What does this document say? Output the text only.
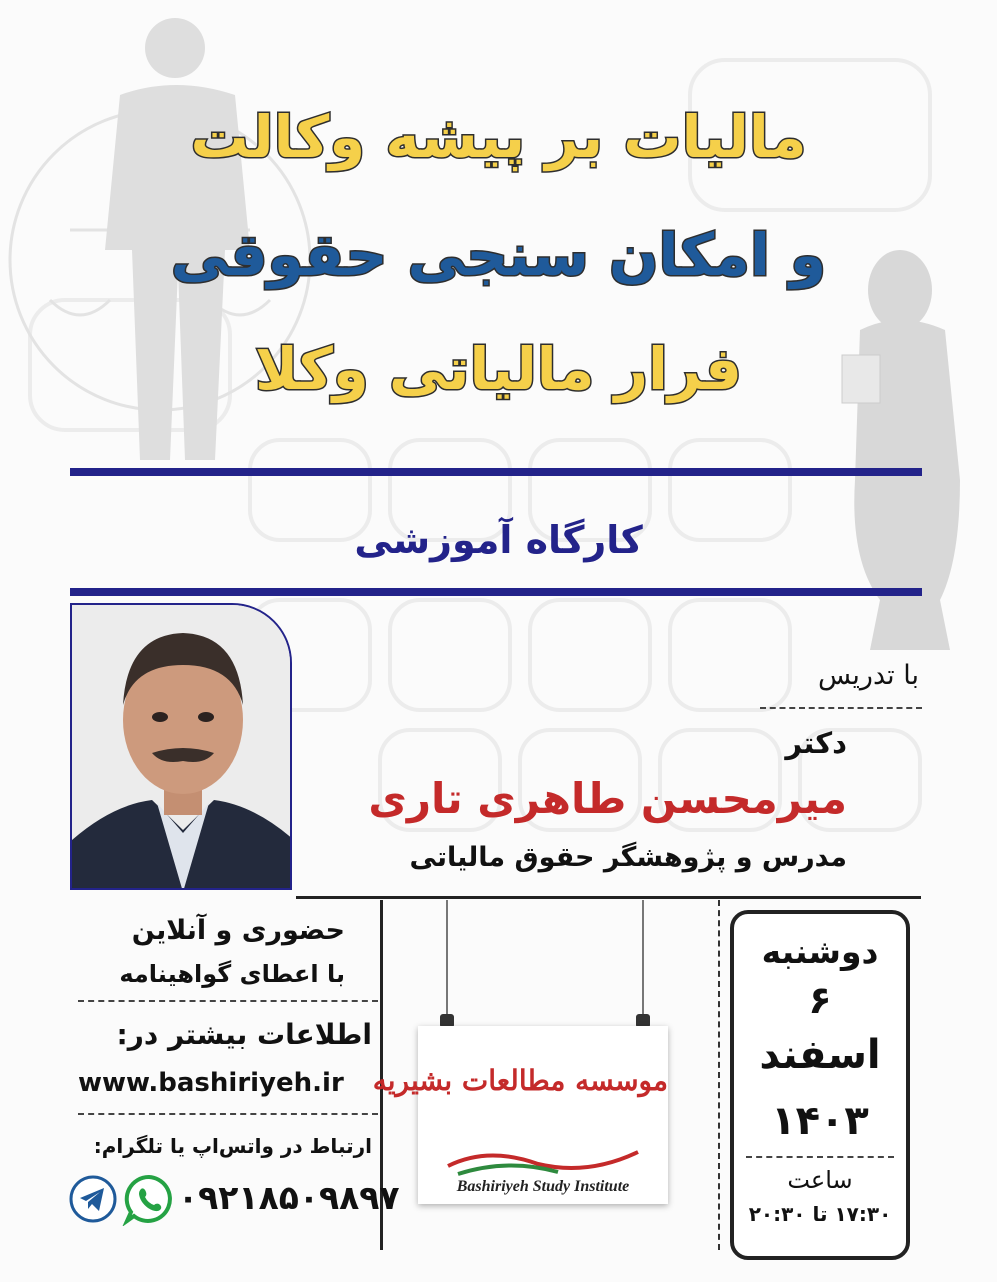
مالیات بر پیشه وکالت
و امکان سنجی حقوقی
فرار مالیاتی وکلا
کارگاه آموزشی
با تدریس
دکتر
میرمحسن طاهری تاری
مدرس و پژوهشگر حقوق مالیاتی
حضوری و آنلاین
با اعطای گواهینامه
اطلاعات بیشتر در:
www.bashiriyeh.ir
ارتباط در واتس‌اپ یا تلگرام:
۰۹۲۱۸۵۰۹۸۹۷
موسسه مطالعات بشیریه
Bashiriyeh Study Institute
دوشنبه
۶
اسفند
۱۴۰۳
ساعت
۱۷:۳۰ تا ۲۰:۳۰
